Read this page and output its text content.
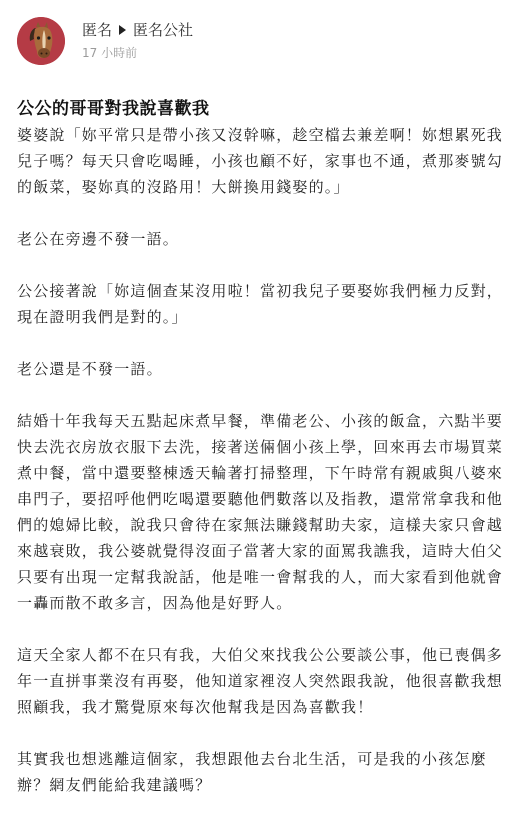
匿名 匿名公社
17 小時前
公公的哥哥對我說喜歡我

婆婆說「妳平常只是帶小孩又沒幹嘛，趁空檔去兼差啊！妳想累死我兒子嗎？每天只會吃喝睡，小孩也顧不好，家事也不通，煮那麥號勾的飯菜，娶妳真的沒路用！大餅換用錢娶的。」

老公在旁邊不發一語。

公公接著說「妳這個查某沒用啦！當初我兒子要娶妳我們極力反對，現在證明我們是對的。」

老公還是不發一語。

結婚十年我每天五點起床煮早餐，準備老公、小孩的飯盒，六點半要快去洗衣房放衣服下去洗，接著送倆個小孩上學，回來再去市場買菜煮中餐，當中還要整棟透天輪著打掃整理，下午時常有親戚與八婆來串門子，要招呼他們吃喝還要聽他們數落以及指教，還常常拿我和他們的媳婦比較，說我只會待在家無法賺錢幫助夫家，這樣夫家只會越來越衰敗，我公婆就覺得沒面子當著大家的面罵我譙我，這時大伯父只要有出現一定幫我說話，他是唯一會幫我的人，而大家看到他就會一轟而散不敢多言，因為他是好野人。

這天全家人都不在只有我，大伯父來找我公公要談公事，他已喪偶多年一直拼事業沒有再娶，他知道家裡沒人突然跟我說，他很喜歡我想照顧我，我才驚覺原來每次他幫我是因為喜歡我！

其實我也想逃離這個家，我想跟他去台北生活，可是我的小孩怎麼辦？網友們能給我建議嗎？
